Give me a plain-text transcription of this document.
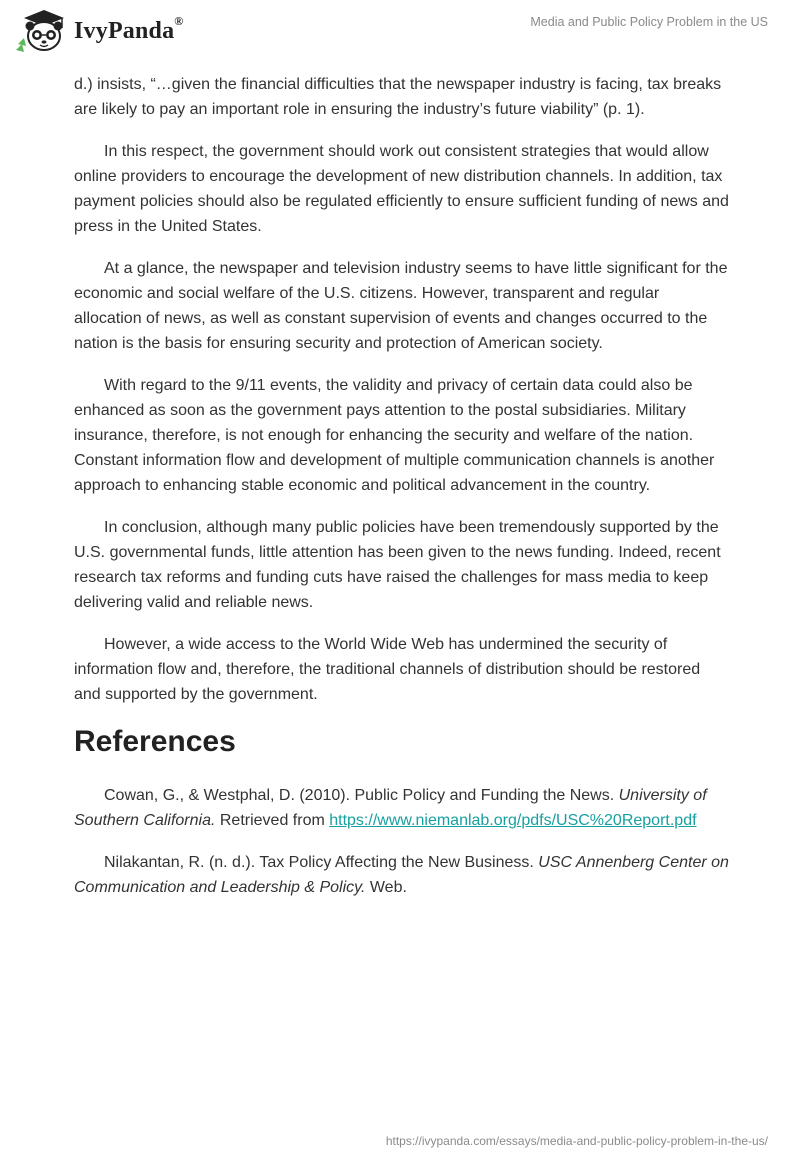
IvyPanda®	Media and Public Policy Problem in the US

d.) insists, “…given the financial difficulties that the newspaper industry is facing, tax breaks are likely to pay an important role in ensuring the industry’s future viability” (p. 1).

In this respect, the government should work out consistent strategies that would allow online providers to encourage the development of new distribution channels. In addition, tax payment policies should also be regulated efficiently to ensure sufficient funding of news and press in the United States.

At a glance, the newspaper and television industry seems to have little significant for the economic and social welfare of the U.S. citizens. However, transparent and regular allocation of news, as well as constant supervision of events and changes occurred to the nation is the basis for ensuring security and protection of American society.

With regard to the 9/11 events, the validity and privacy of certain data could also be enhanced as soon as the government pays attention to the postal subsidiaries. Military insurance, therefore, is not enough for enhancing the security and welfare of the nation. Constant information flow and development of multiple communication channels is another approach to enhancing stable economic and political advancement in the country.

In conclusion, although many public policies have been tremendously supported by the U.S. governmental funds, little attention has been given to the news funding. Indeed, recent research tax reforms and funding cuts have raised the challenges for mass media to keep delivering valid and reliable news.

However, a wide access to the World Wide Web has undermined the security of information flow and, therefore, the traditional channels of distribution should be restored and supported by the government.

References

Cowan, G., & Westphal, D. (2010). Public Policy and Funding the News. University of Southern California. Retrieved from https://www.niemanlab.org/pdfs/USC%20Report.pdf

Nilakantan, R. (n. d.). Tax Policy Affecting the New Business. USC Annenberg Center on Communication and Leadership & Policy. Web.

https://ivypanda.com/essays/media-and-public-policy-problem-in-the-us/
